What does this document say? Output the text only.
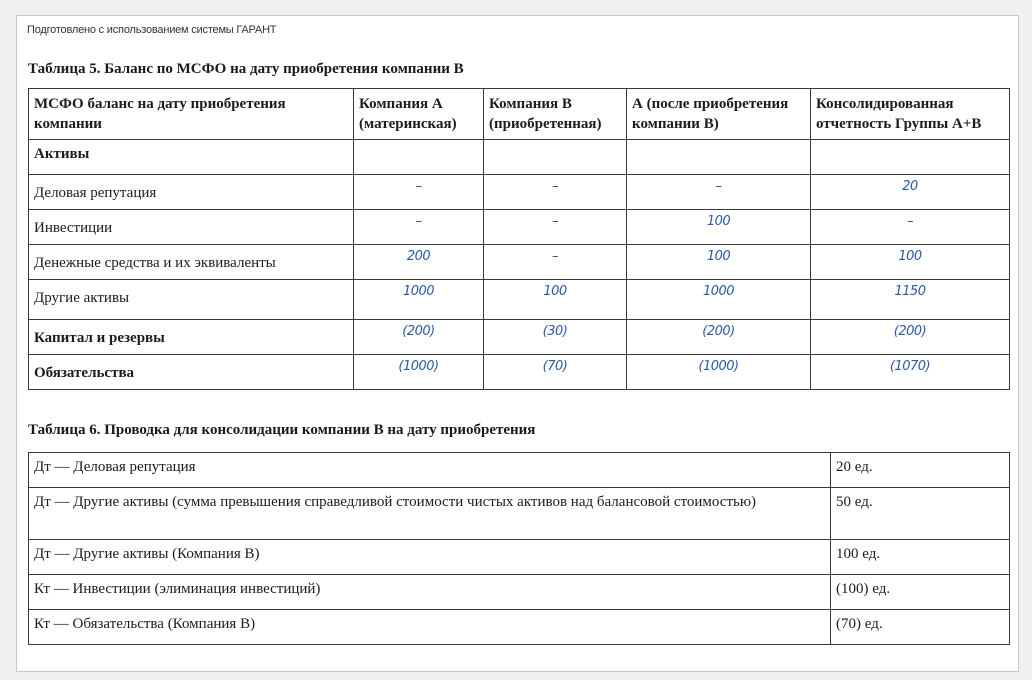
Подготовлено с использованием системы ГАРАНТ
Таблица 5. Баланс по МСФО на дату приобретения компании В
МСФО баланс на дату приобретения компании	Компания А (материнская)	Компания В (приобретенная)	А (после приобретения компании В)	Консолидированная отчетность Группы А+В
Активы				
Деловая репутация	–	–	–	20
Инвестиции	–	–	100	–
Денежные средства и их эквиваленты	200	–	100	100
Другие активы	1000	100	1000	1150
Капитал и резервы	(200)	(30)	(200)	(200)
Обязательства	(1000)	(70)	(1000)	(1070)
Таблица 6. Проводка для консолидации компании В на дату приобретения
Дт — Деловая репутация	20 ед.
Дт — Другие активы (сумма превышения справедливой стоимости чистых активов над балансовой стоимостью)	50 ед.
Дт — Другие активы (Компания В)	100 ед.
Кт — Инвестиции (элиминация инвестиций)	(100) ед.
Кт — Обязательства (Компания В)	(70) ед.
